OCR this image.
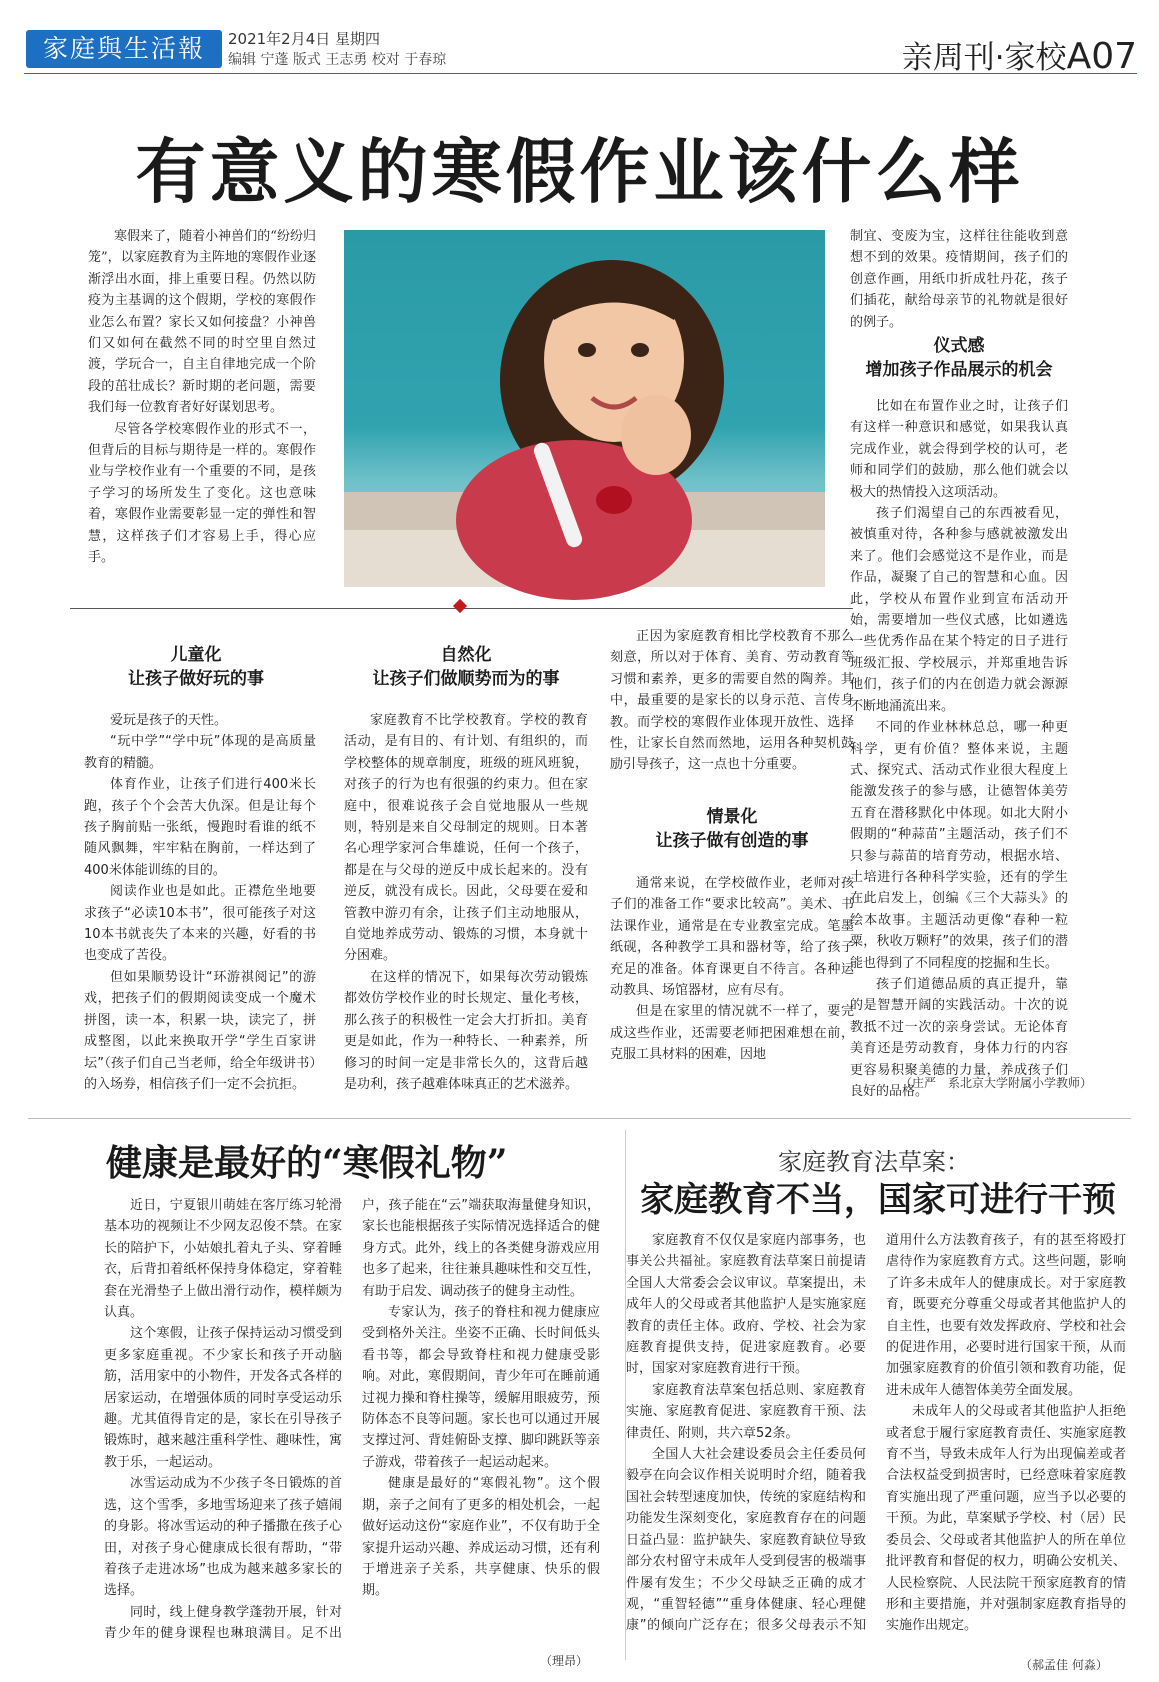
家庭與生活報	2021年2月4日 星期四
编辑 宁蓬 版式 王志勇 校对 于春琼	亲周刊·家校A07
有意义的寒假作业该什么样

寒假来了，随着小神兽们的“纷纷归笼”，以家庭教育为主阵地的寒假作业逐渐浮出水面，排上重要日程。仍然以防疫为主基调的这个假期，学校的寒假作业怎么布置？家长又如何接盘？小神兽们又如何在截然不同的时空里自然过渡，学玩合一，自主自律地完成一个阶段的茁壮成长？新时期的老问题，需要我们每一位教育者好好谋划思考。

尽管各学校寒假作业的形式不一，但背后的目标与期待是一样的。寒假作业与学校作业有一个重要的不同，是孩子学习的场所发生了变化。这也意味着，寒假作业需要彰显一定的弹性和智慧，这样孩子们才容易上手，得心应手。

制宜、变废为宝，这样往往能收到意想不到的效果。疫情期间，孩子们的创意作画，用纸巾折成牡丹花，孩子们插花，献给母亲节的礼物就是很好的例子。

仪式感
增加孩子作品展示的机会

比如在布置作业之时，让孩子们有这样一种意识和感觉，如果我认真完成作业，就会得到学校的认可，老师和同学们的鼓励，那么他们就会以极大的热情投入这项活动。

孩子们渴望自己的东西被看见，被慎重对待，各种参与感就被激发出来了。他们会感觉这不是作业，而是作品，凝聚了自己的智慧和心血。因此，学校从布置作业到宣布活动开始，需要增加一些仪式感，比如遴选一些优秀作品在某个特定的日子进行班级汇报、学校展示，并郑重地告诉他们，孩子们的内在创造力就会源源不断地涌流出来。

不同的作业林林总总，哪一种更科学，更有价值？整体来说，主题式、探究式、活动式作业很大程度上能激发孩子的参与感，让德智体美劳五育在潜移默化中体现。如北大附小假期的“种蒜苗”主题活动，孩子们不只参与蒜苗的培育劳动，根据水培、土培进行各种科学实验，还有的学生在此启发上，创编《三个大蒜头》的绘本故事。主题活动更像“春种一粒粟，秋收万颗籽”的效果，孩子们的潜能也得到了不同程度的挖掘和生长。

孩子们道德品质的真正提升，靠的是智慧开阔的实践活动。十次的说教抵不过一次的亲身尝试。无论体育美育还是劳动教育，身体力行的内容更容易积聚美德的力量，养成孩子们良好的品格。

（庄严　系北京大学附属小学教师）
儿童化
让孩子做好玩的事

爱玩是孩子的天性。

“玩中学”“学中玩”体现的是高质量教育的精髓。

体育作业，让孩子们进行400米长跑，孩子个个会苦大仇深。但是让每个孩子胸前贴一张纸，慢跑时看谁的纸不随风飘舞，牢牢粘在胸前，一样达到了400米体能训练的目的。

阅读作业也是如此。正襟危坐地要求孩子“必读10本书”，很可能孩子对这10本书就丧失了本来的兴趣，好看的书也变成了苦役。

但如果顺势设计“环游祺阅记”的游戏，把孩子们的假期阅读变成一个魔术拼图，读一本，积累一块，读完了，拼成整图，以此来换取开学“学生百家讲坛”（孩子们自己当老师，给全年级讲书）的入场券，相信孩子们一定不会抗拒。

自然化
让孩子们做顺势而为的事

家庭教育不比学校教育。学校的教育活动，是有目的、有计划、有组织的，而学校整体的规章制度，班级的班风班貌，对孩子的行为也有很强的约束力。但在家庭中，很难说孩子会自觉地服从一些规则，特别是来自父母制定的规则。日本著名心理学家河合隼雄说，任何一个孩子，都是在与父母的逆反中成长起来的。没有逆反，就没有成长。因此，父母要在爱和管教中游刃有余，让孩子们主动地服从，自觉地养成劳动、锻炼的习惯，本身就十分困难。

在这样的情况下，如果每次劳动锻炼都效仿学校作业的时长规定、量化考核，那么孩子的积极性一定会大打折扣。美育更是如此，作为一种特长、一种素养，所修习的时间一定是非常长久的，这背后越是功利，孩子越难体味真正的艺术滋养。

正因为家庭教育相比学校教育不那么刻意，所以对于体育、美育、劳动教育等习惯和素养，更多的需要自然的陶养。其中，最重要的是家长的以身示范、言传身教。而学校的寒假作业体现开放性、选择性，让家长自然而然地，运用各种契机鼓励引导孩子，这一点也十分重要。

情景化
让孩子做有创造的事

通常来说，在学校做作业，老师对孩子们的准备工作“要求比较高”。美术、书法课作业，通常是在专业教室完成。笔墨纸砚，各种教学工具和器材等，给了孩子充足的准备。体育课更自不待言。各种运动教具、场馆器材，应有尽有。

但是在家里的情况就不一样了，要完成这些作业，还需要老师把困难想在前，克服工具材料的困难，因地

健康是最好的“寒假礼物”

近日，宁夏银川萌娃在客厅练习轮滑基本功的视频让不少网友忍俊不禁。在家长的陪护下，小姑娘扎着丸子头、穿着睡衣，后背扣着纸杯保持身体稳定，穿着鞋套在光滑垫子上做出滑行动作，模样颇为认真。

这个寒假，让孩子保持运动习惯受到更多家庭重视。不少家长和孩子开动脑筋，活用家中的小物件，开发各式各样的居家运动，在增强体质的同时享受运动乐趣。尤其值得肯定的是，家长在引导孩子锻炼时，越来越注重科学性、趣味性，寓教于乐，一起运动。

冰雪运动成为不少孩子冬日锻炼的首选，这个雪季，多地雪场迎来了孩子嬉闹的身影。将冰雪运动的种子播撒在孩子心田，对孩子身心健康成长很有帮助，“带着孩子走进冰场”也成为越来越多家长的选择。

同时，线上健身教学蓬勃开展，针对青少年的健身课程也琳琅满目。足不出户，孩子能在“云”端获取海量健身知识，家长也能根据孩子实际情况选择适合的健身方式。此外，线上的各类健身游戏应用也多了起来，往往兼具趣味性和交互性，有助于启发、调动孩子的健身主动性。

专家认为，孩子的脊柱和视力健康应受到格外关注。坐姿不正确、长时间低头看书等，都会导致脊柱和视力健康受影响。对此，寒假期间，青少年可在睡前通过视力操和脊柱操等，缓解用眼疲劳，预防体态不良等问题。家长也可以通过开展支撑过河、背娃俯卧支撑、脚印跳跃等亲子游戏，带着孩子一起运动起来。

健康是最好的“寒假礼物”。这个假期，亲子之间有了更多的相处机会，一起做好运动这份“家庭作业”，不仅有助于全家提升运动兴趣、养成运动习惯，还有利于增进亲子关系，共享健康、快乐的假期。

（理昂）
家庭教育法草案：
家庭教育不当，国家可进行干预

家庭教育不仅仅是家庭内部事务，也事关公共福祉。家庭教育法草案日前提请全国人大常委会会议审议。草案提出，未成年人的父母或者其他监护人是实施家庭教育的责任主体。政府、学校、社会为家庭教育提供支持，促进家庭教育。必要时，国家对家庭教育进行干预。

家庭教育法草案包括总则、家庭教育实施、家庭教育促进、家庭教育干预、法律责任、附则，共六章52条。

全国人大社会建设委员会主任委员何毅亭在向会议作相关说明时介绍，随着我国社会转型速度加快，传统的家庭结构和功能发生深刻变化，家庭教育存在的问题日益凸显：监护缺失、家庭教育缺位导致部分农村留守未成年人受到侵害的极端事件屡有发生；不少父母缺乏正确的成才观，“重智轻德”“重身体健康、轻心理健康”的倾向广泛存在；很多父母表示不知道用什么方法教育孩子，有的甚至将殴打虐待作为家庭教育方式。这些问题，影响了许多未成年人的健康成长。对于家庭教育，既要充分尊重父母或者其他监护人的自主性，也要有效发挥政府、学校和社会的促进作用，必要时进行国家干预，从而加强家庭教育的价值引领和教育功能，促进未成年人德智体美劳全面发展。

未成年人的父母或者其他监护人拒绝或者怠于履行家庭教育责任、实施家庭教育不当，导致未成年人行为出现偏差或者合法权益受到损害时，已经意味着家庭教育实施出现了严重问题，应当予以必要的干预。为此，草案赋予学校、村（居）民委员会、父母或者其他监护人的所在单位批评教育和督促的权力，明确公安机关、人民检察院、人民法院干预家庭教育的情形和主要措施，并对强制家庭教育指导的实施作出规定。

（郝孟佳 何淼）
